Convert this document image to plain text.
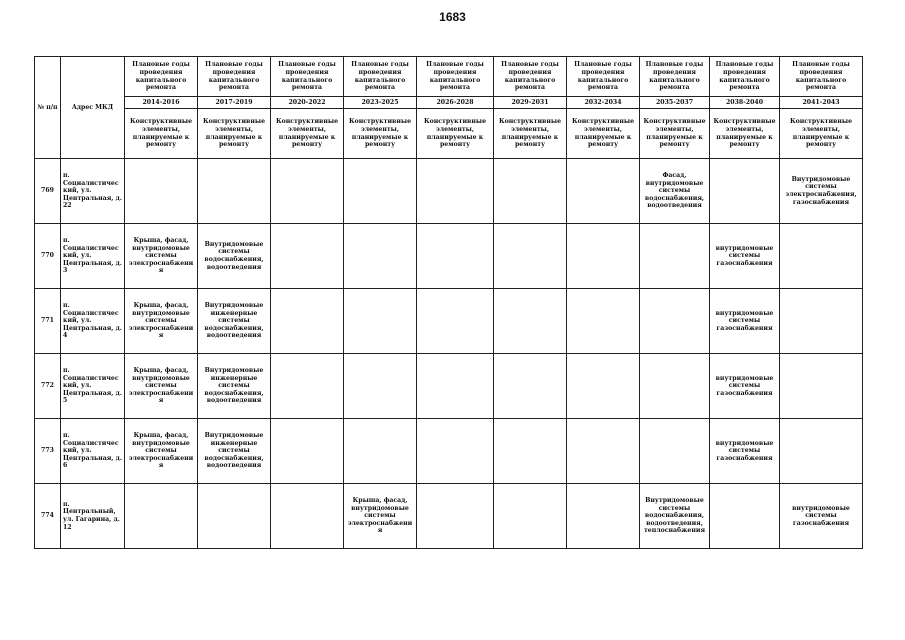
1683
№ п/п	Адрес МКД	Плановые годы проведения капитального ремонта	Плановые годы проведения капитального ремонта	Плановые годы проведения капитального ремонта	Плановые годы проведения капитального ремонта	Плановые годы проведения капитального ремонта	Плановые годы проведения капитального ремонта	Плановые годы проведения капитального ремонта	Плановые годы проведения капитального ремонта	Плановые годы проведения капитального ремонта	Плановые годы проведения капитального ремонта
		2014-2016	2017-2019	2020-2022	2023-2025	2026-2028	2029-2031	2032-2034	2035-2037	2038-2040	2041-2043
		Конструктивные элементы, планируемые к ремонту	Конструктивные элементы, планируемые к ремонту	Конструктивные элементы, планируемые к ремонту	Конструктивные элементы, планируемые к ремонту	Конструктивные элементы, планируемые к ремонту	Конструктивные элементы, планируемые к ремонту	Конструктивные элементы, планируемые к ремонту	Конструктивные элементы, планируемые к ремонту	Конструктивные элементы, планируемые к ремонту	Конструктивные элементы, планируемые к ремонту
769	п. Социалистический, ул. Центральная, д. 22								Фасад, внутридомовые системы водоснабжения, водоотведения		Внутридомовые системы электроснабжения, газоснабжения
770	п. Социалистический, ул. Центральная, д. 3	Крыша, фасад, внутридомовые системы электроснабжения	Внутридомовые системы водоснабжения, водоотведения							внутридомовые системы газоснабжения	
771	п. Социалистический, ул. Центральная, д. 4	Крыша, фасад, внутридомовые системы электроснабжения	Внутридомовые инженерные системы водоснабжения, водоотведения							внутридомовые системы газоснабжения	
772	п. Социалистический, ул. Центральная, д. 5	Крыша, фасад, внутридомовые системы электроснабжения	Внутридомовые инженерные системы водоснабжения, водоотведения							внутридомовые системы газоснабжения	
773	п. Социалистический, ул. Центральная, д. 6	Крыша, фасад, внутридомовые системы электроснабжения	Внутридомовые инженерные системы водоснабжения, водоотведения							внутридомовые системы газоснабжения	
774	п. Центральный, ул. Гагарина, д. 12				Крыша, фасад, внутридомовые системы электроснабжения				Внутридомовые системы водоснабжения, водоотведения, теплоснабжения		внутридомовые системы газоснабжения
